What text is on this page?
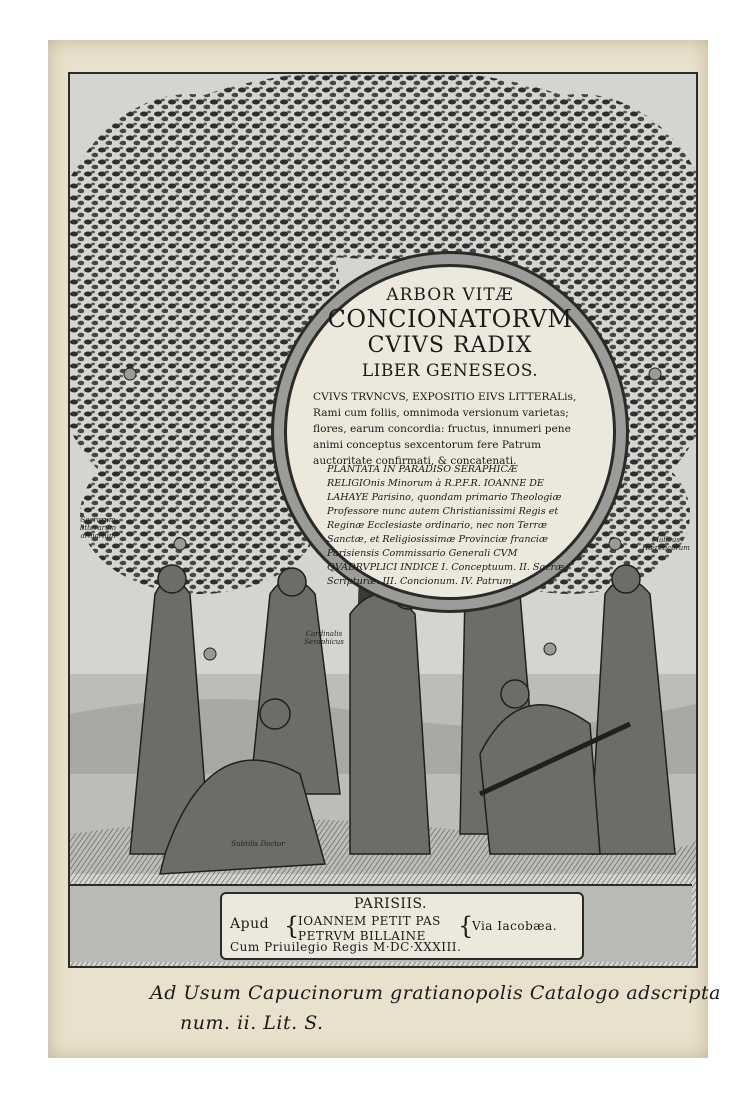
ARBOR VITÆ
CONCIONATORVM
CVIVS RADIX
LIBER GENESEOS.
CVIVS TRVNCVS, EXPOSITIO EIVS LITTERALis, Rami cum foliis, omnimoda versionum varietas; flores, earum concordia: fructus, innumeri pene animi conceptus sexcentorum fere Patrum auctoritate confirmati, & concatenati.
PLANTATA IN PARADISO SERAPHICÆ RELIGIOnis Minorum à R.P.F.R. IOANNE DE LAHAYE Parisino, quondam primario Theologiæ Professore nunc autem Christianissimi Regis et Reginæ Ecclesiaste ordinario, nec non Terræ Sanctæ, et Religiosissimæ Provinciæ franciæ Parisiensis Commissario Generali CVM QVADRVPLICI INDICE I. Conceptuum. II. Sacræ Scripturæ. III. Concionum. IV. Patrum.
Sacrarum litterarum armarium
Cardinalis Seraphicus
Malleus Hæreticorum
Subtilis Doctor
PARISIIS.
Apud {
IOANNEM PETIT PAS
PETRVM BILLAINE {
Via Iacobæa.
Cum Priuilegio Regis M·DC·XXXIII.
Ad Usum Capucinorum gratianopolis Catalogo adscripta
num. ii. Lit. S.
